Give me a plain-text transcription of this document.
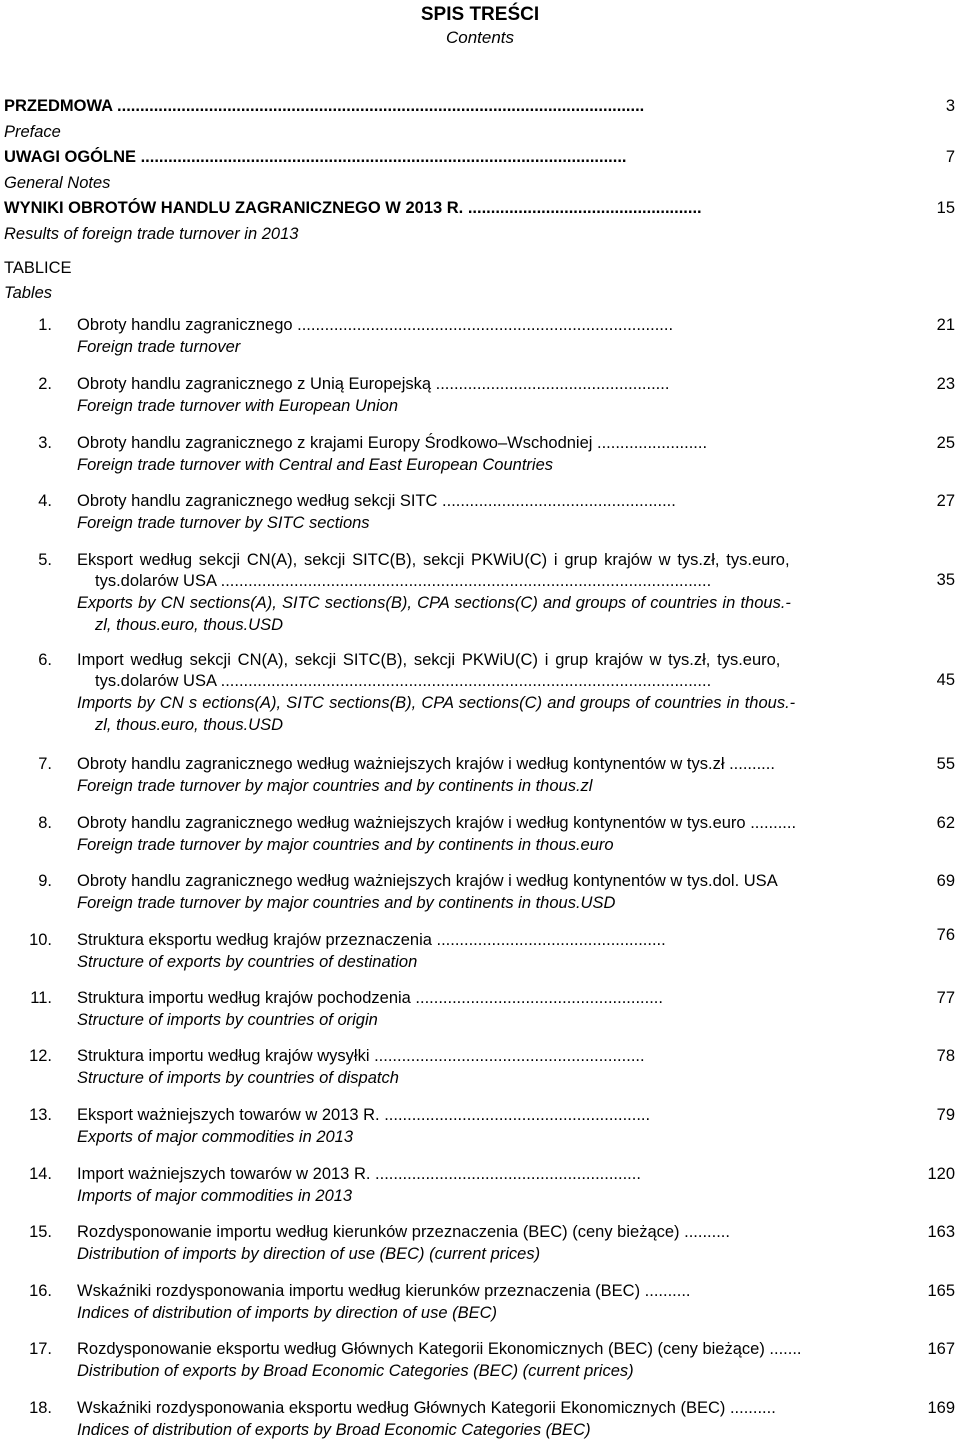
SPIS TREŚCI
Contents
PRZEDMOWA ...................................................................................................................
Preface
3
UWAGI OGÓLNE ..........................................................................................................
General Notes
7
WYNIKI OBROTÓW HANDLU ZAGRANICZNEGO W 2013 R. ...................................................
Results of foreign trade turnover in 2013
15
TABLICE
Tables
1. Obroty handlu zagranicznego ..................................................................................
Foreign trade turnover
21
2. Obroty handlu zagranicznego z Unią Europejską ...................................................
Foreign trade turnover with European Union
23
3. Obroty handlu zagranicznego z krajami Europy Środkowo–Wschodniej ........................
Foreign trade turnover with Central and East European Countries
25
4. Obroty handlu zagranicznego według sekcji SITC ...................................................
Foreign trade turnover by SITC sections
27
5. Eksport według sekcji CN(A), sekcji SITC(B), sekcji PKWiU(C) i grup krajów w tys.zł, tys.euro,
tys.dolarów USA ...........................................................................................................
Exports by CN sections(A), SITC sections(B), CPA sections(C) and groups of countries in thous.-
zl, thous.euro, thous.USD
35
6. Import według sekcji CN(A), sekcji SITC(B), sekcji PKWiU(C) i grup krajów w tys.zł, tys.euro,
tys.dolarów USA ...........................................................................................................
Imports by CN s ections(A), SITC sections(B), CPA sections(C) and groups of countries in thous.-
zl, thous.euro, thous.USD
45
7. Obroty handlu zagranicznego według ważniejszych krajów i według kontynentów w tys.zł ..........
Foreign trade turnover by major countries and by continents in thous.zl
55
8. Obroty handlu zagranicznego według ważniejszych krajów i według kontynentów w tys.euro ..........
Foreign trade turnover by major countries and by continents in thous.euro
62
9. Obroty handlu zagranicznego według ważniejszych krajów i według kontynentów w tys.dol. USA
Foreign trade turnover by major countries and by continents in thous.USD
69
10. Struktura eksportu według krajów przeznaczenia ..................................................
Structure of exports by countries of destination
76
11. Struktura importu według krajów pochodzenia ......................................................
Structure of imports by countries of origin
77
12. Struktura importu według krajów wysyłki ...........................................................
Structure of imports by countries of dispatch
78
13. Eksport ważniejszych towarów w 2013 R. ..........................................................
Exports of major commodities in 2013
79
14. Import ważniejszych towarów w 2013 R. ..........................................................
Imports of major commodities in 2013
120
15. Rozdysponowanie importu według kierunków przeznaczenia (BEC) (ceny bieżące) ..........
Distribution of imports by direction of use (BEC) (current prices)
163
16. Wskaźniki rozdysponowania importu według kierunków przeznaczenia (BEC) ..........
Indices of distribution of imports by direction of use (BEC)
165
17. Rozdysponowanie eksportu według Głównych Kategorii Ekonomicznych (BEC) (ceny bieżące) .......
Distribution of exports by Broad Economic Categories (BEC) (current prices)
167
18. Wskaźniki rozdysponowania eksportu według Głównych Kategorii Ekonomicznych (BEC) ..........
Indices of distribution of exports by Broad Economic Categories (BEC)
169
